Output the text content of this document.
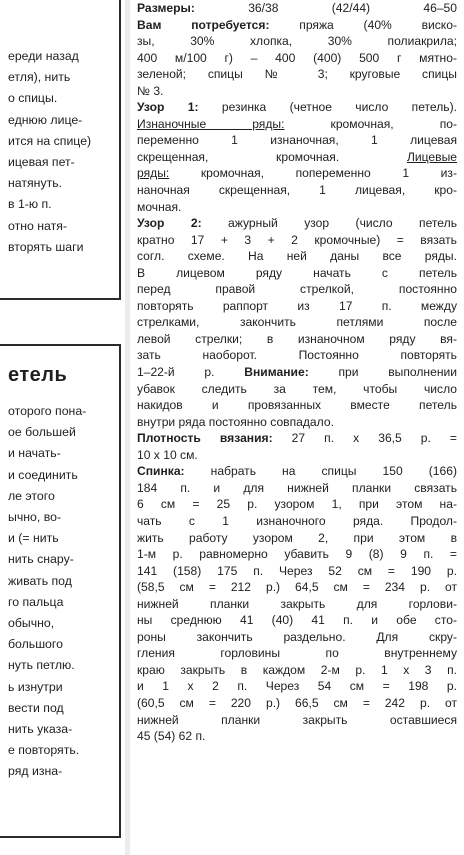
ереди назад
етля), нить
о спицы.
еднюю лице-
ится на спице)
ицевая пет-
натянуть.
в 1-ю п.
отно натя-
вторять шаги
етель
оторого пона-
ое большей
и начать-
и соединить
ле этого
ычно, во-
и (= нить
нить снару-
живать под
го пальца
обычно,
большого
нуть петлю.
ь изнутри
вести под
нить указа-
е повторять.
ряд изна-
Размеры: 36/38 (42/44) 46–50
Вам потребуется: пряжа (40% виско-
зы, 30% хлопка, 30% полиакрила;
400 м/100 г) – 400 (400) 500 г мятно-
зеленой; спицы № 3; круговые спицы
№ 3.
Узор 1: резинка (четное число петель).
Изнаночные ряды: кромочная, по-
переменно 1 изнаночная, 1 лицевая
скрещенная, кромочная. Лицевые
ряды: кромочная, попеременно 1 из-
наночная скрещенная, 1 лицевая, кро-
мочная.
Узор 2: ажурный узор (число петель
кратно 17 + 3 + 2 кромочные) = вязать
согл. схеме. На ней даны все ряды.
В лицевом ряду начать с петель
перед правой стрелкой, постоянно
повторять раппорт из 17 п. между
стрелками, закончить петлями после
левой стрелки; в изнаночном ряду вя-
зать наоборот. Постоянно повторять
1–22-й р. Внимание: при выполнении
убавок следить за тем, чтобы число
накидов и провязанных вместе петель
внутри ряда постоянно совпадало.
Плотность вязания: 27 п. х 36,5 р. =
10 х 10 см.
Спинка: набрать на спицы 150 (166)
184 п. и для нижней планки связать
6 см = 25 р. узором 1, при этом на-
чать с 1 изнаночного ряда. Продол-
жить работу узором 2, при этом в
1-м р. равномерно убавить 9 (8) 9 п. =
141 (158) 175 п. Через 52 см = 190 р.
(58,5 см = 212 р.) 64,5 см = 234 р. от
нижней планки закрыть для горлови-
ны среднюю 41 (40) 41 п. и обе сто-
роны закончить раздельно. Для скру-
гления горловины по внутреннему
краю закрыть в каждом 2-м р. 1 х 3 п.
и 1 х 2 п. Через 54 см = 198 р.
(60,5 см = 220 р.) 66,5 см = 242 р. от
нижней планки закрыть оставшиеся
45 (54) 62 п.
